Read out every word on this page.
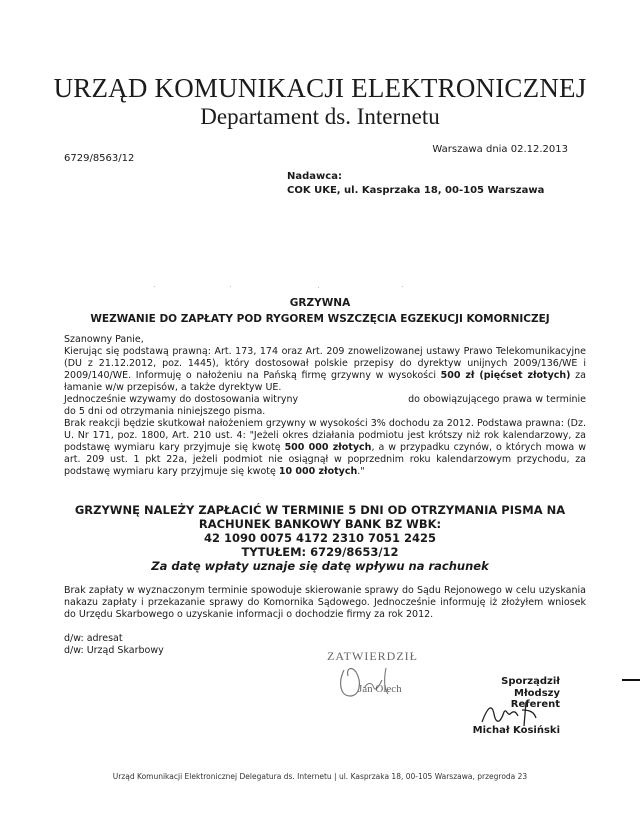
URZĄD KOMUNIKACJI ELEKTRONICZNEJ
Departament ds. Internetu
Warszawa dnia 02.12.2013
6729/8563/12
Nadawca:
COK UKE, ul. Kasprzaka 18, 00-105 Warszawa
GRZYWNA
WEZWANIE DO ZAPŁATY POD RYGOREM WSZCZĘCIA EGZEKUCJI KOMORNICZEJ

Szanowny Panie,

Kierując się podstawą prawną: Art. 173, 174 oraz Art. 209 znowelizowanej ustawy Prawo Telekomunikacyjne (DU z 21.12.2012, poz. 1445), który dostosował polskie przepisy do dyrektyw unijnych 2009/136/WE i 2009/140/WE. Informuję o nałożeniu na Pańską firmę grzywny w wysokości 500 zł (pięćset złotych) za łamanie w/w przepisów, a także dyrektyw UE.

Jednocześnie wzywamy do dostosowania witryny	do obowiązującego prawa w terminie do 5 dni od otrzymania niniejszego pisma.

Brak reakcji będzie skutkował nałożeniem grzywny w wysokości 3% dochodu za 2012. Podstawa prawna: (Dz. U. Nr 171, poz. 1800, Art. 210 ust. 4: "Jeżeli okres działania podmiotu jest krótszy niż rok kalendarzowy, za podstawę wymiaru kary przyjmuje się kwotę 500 000 złotych, a w przypadku czynów, o których mowa w art. 209 ust. 1 pkt 22a, jeżeli podmiot nie osiągnął w poprzednim roku kalendarzowym przychodu, za podstawę wymiaru kary przyjmuje się kwotę 10 000 złotych."

GRZYWNĘ NALEŻY ZAPŁACIĆ W TERMINIE 5 DNI OD OTRZYMANIA PISMA NA
RACHUNEK BANKOWY BANK BZ WBK:
42 1090 0075 4172 2310 7051 2425
TYTUŁEM: 6729/8653/12
Za datę wpłaty uznaje się datę wpływu na rachunek
Brak zapłaty w wyznaczonym terminie spowoduje skierowanie sprawy do Sądu Rejonowego w celu uzyskania nakazu zapłaty i przekazanie sprawy do Komornika Sądowego. Jednocześnie informuję iż złożyłem wniosek do Urzędu Skarbowego o uzyskanie informacji o dochodzie firmy za rok 2012.
d/w: adresat
d/w: Urząd Skarbowy	ZATWIERDZIŁ
Jan Olech
Sporządził
Młodszy Referent
Michał Kosiński
Urząd Komunikacji Elektronicznej Delegatura ds. Internetu | ul. Kasprzaka 18, 00-105 Warszawa, przegroda 23
